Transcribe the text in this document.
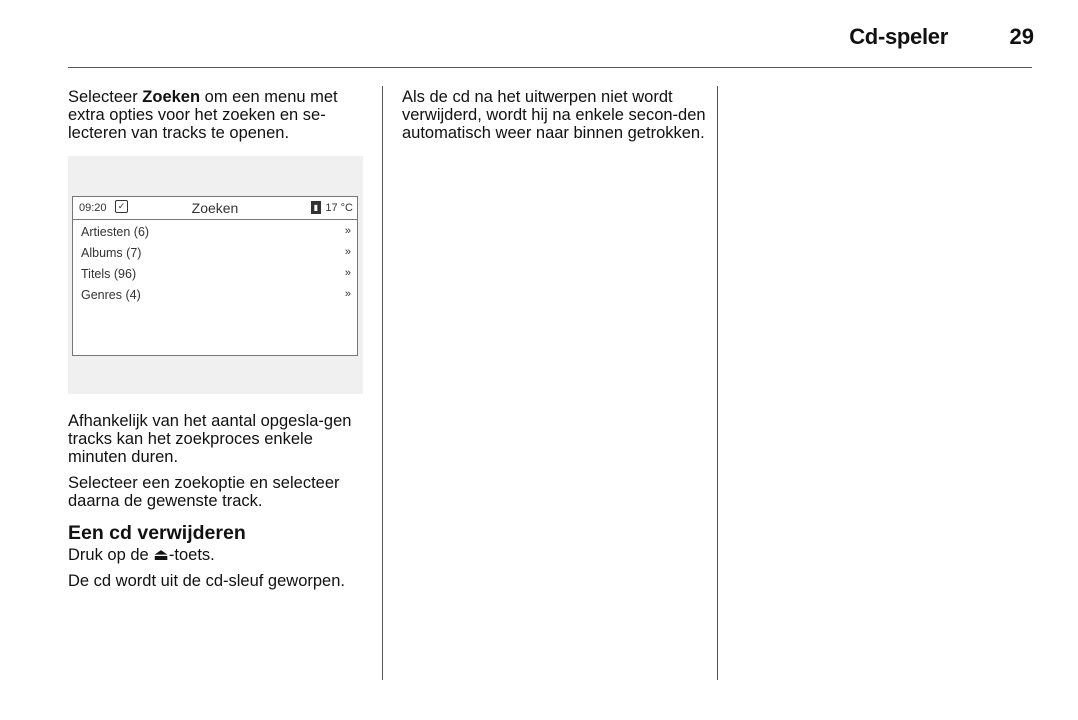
Cd-speler	29

Selecteer Zoeken om een menu met extra opties voor het zoeken en se-lecteren van tracks te openen.

09:20	✓	Zoeken	▮ 17 °C
Artiesten (6)	»
Albums (7)	»
Titels (96)	»
Genres (4)	»

Afhankelijk van het aantal opgesla-gen tracks kan het zoekproces enkele minuten duren.

Selecteer een zoekoptie en selecteer daarna de gewenste track.

Een cd verwijderen

Druk op de ⏏-toets.

De cd wordt uit de cd-sleuf geworpen.

Als de cd na het uitwerpen niet wordt verwijderd, wordt hij na enkele secon-den automatisch weer naar binnen getrokken.
